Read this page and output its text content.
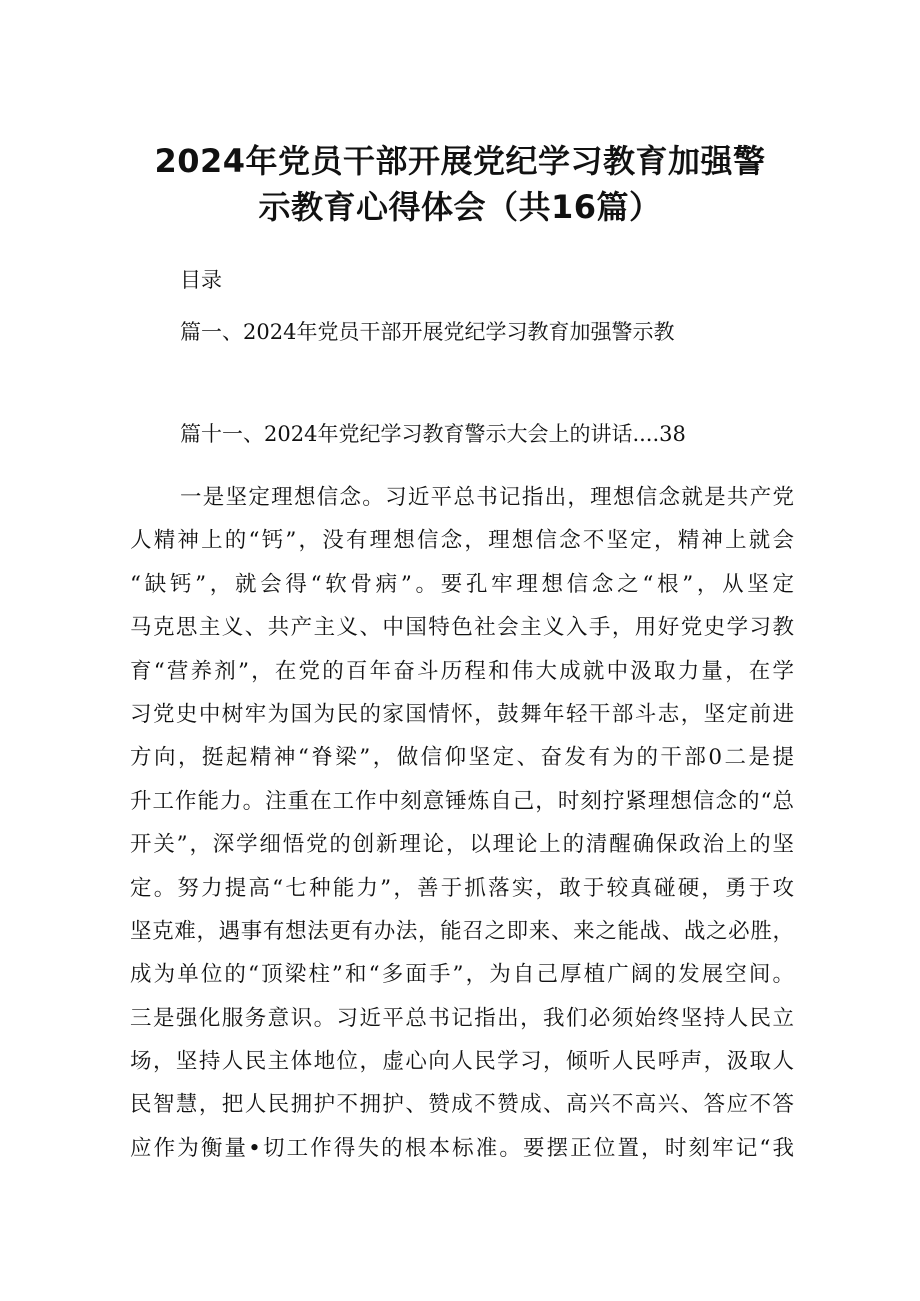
2024年党员干部开展党纪学习教育加强警
示教育心得体会（共16篇）
目录
篇一、2024年党员干部开展党纪学习教育加强警示教
篇十一、2024年党纪学习教育警示大会上的讲话....38
一是坚定理想信念。习近平总书记指出，理想信念就是共产党
人精神上的“钙”，没有理想信念，理想信念不坚定，精神上就会
“缺钙”，就会得“软骨病”。要孔牢理想信念之“根”，从坚定
马克思主义、共产主义、中国特色社会主义入手，用好党史学习教
育“营养剂”，在党的百年奋斗历程和伟大成就中汲取力量，在学
习党史中树牢为国为民的家国情怀，鼓舞年轻干部斗志，坚定前进
方向，挺起精神“脊梁”，做信仰坚定、奋发有为的干部0二是提
升工作能力。注重在工作中刻意锤炼自己，时刻拧紧理想信念的“总
开关”，深学细悟党的创新理论，以理论上的清醒确保政治上的坚
定。努力提高“七种能力”，善于抓落实，敢于较真碰硬，勇于攻
坚克难，遇事有想法更有办法，能召之即来、来之能战、战之必胜，
成为单位的“顶梁柱”和“多面手”，为自己厚植广阔的发展空间。
三是强化服务意识。习近平总书记指出，我们必须始终坚持人民立
场，坚持人民主体地位，虚心向人民学习，倾听人民呼声，汲取人
民智慧，把人民拥护不拥护、赞成不赞成、高兴不高兴、答应不答
应作为衡量•切工作得失的根本标准。要摆正位置，时刻牢记“我
